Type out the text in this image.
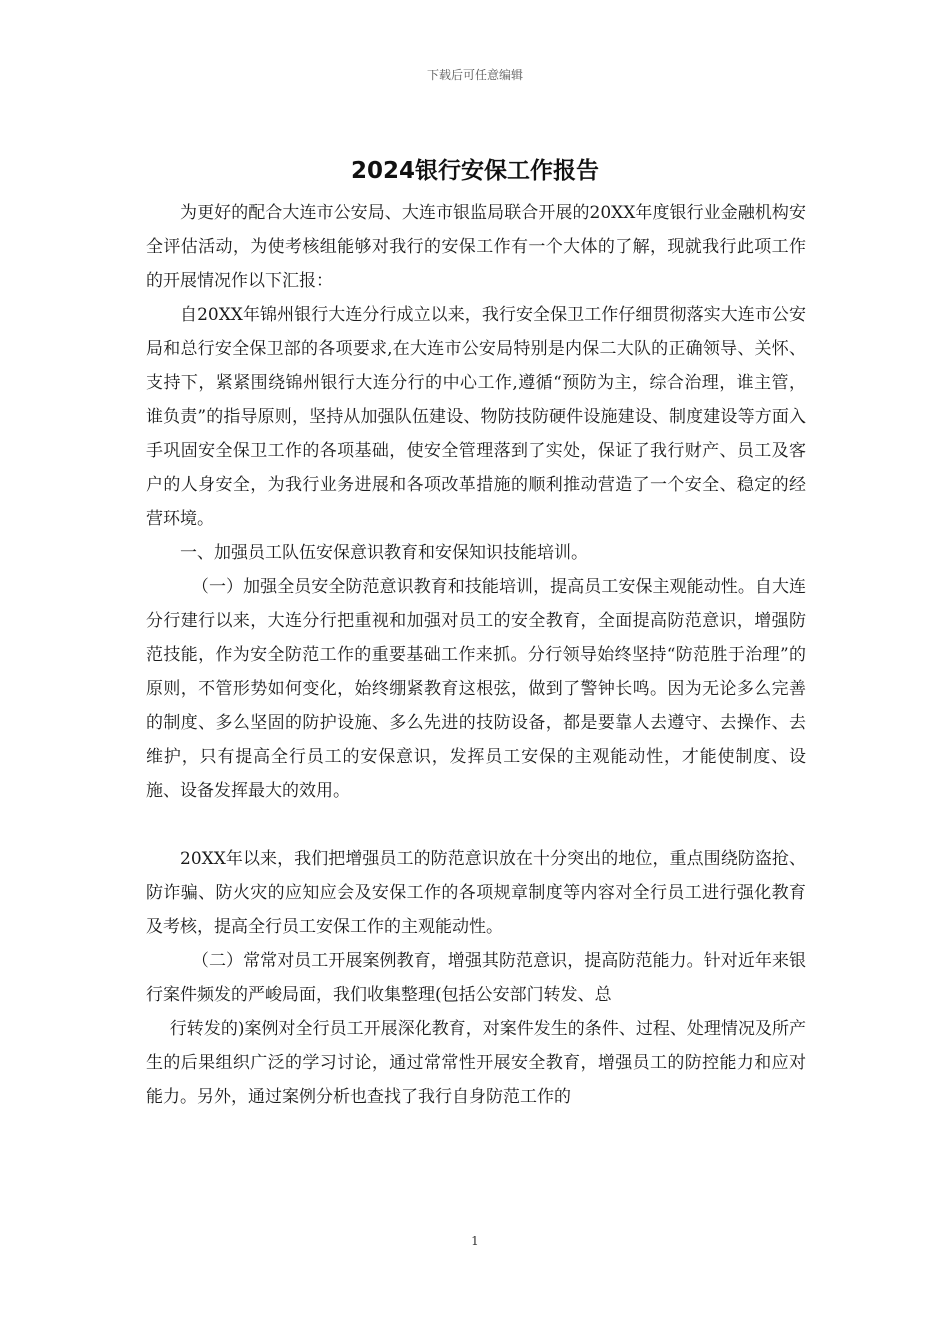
下载后可任意编辑
2024银行安保工作报告

为更好的配合大连市公安局、大连市银监局联合开展的20XX年度银行业金融机构安全评估活动，为使考核组能够对我行的安保工作有一个大体的了解，现就我行此项工作的开展情况作以下汇报：

自20XX年锦州银行大连分行成立以来，我行安全保卫工作仔细贯彻落实大连市公安局和总行安全保卫部的各项要求,在大连市公安局特别是内保二大队的正确领导、关怀、支持下，紧紧围绕锦州银行大连分行的中心工作,遵循“预防为主，综合治理，谁主管，谁负责”的指导原则，坚持从加强队伍建设、物防技防硬件设施建设、制度建设等方面入手巩固安全保卫工作的各项基础，使安全管理落到了实处，保证了我行财产、员工及客户的人身安全，为我行业务进展和各项改革措施的顺利推动营造了一个安全、稳定的经营环境。

一、加强员工队伍安保意识教育和安保知识技能培训。

（一）加强全员安全防范意识教育和技能培训，提高员工安保主观能动性。自大连分行建行以来，大连分行把重视和加强对员工的安全教育，全面提高防范意识，增强防范技能，作为安全防范工作的重要基础工作来抓。分行领导始终坚持“防范胜于治理”的原则，不管形势如何变化，始终绷紧教育这根弦，做到了警钟长鸣。因为无论多么完善的制度、多么坚固的防护设施、多么先进的技防设备，都是要靠人去遵守、去操作、去维护，只有提高全行员工的安保意识，发挥员工安保的主观能动性，才能使制度、设施、设备发挥最大的效用。

20XX年以来，我们把增强员工的防范意识放在十分突出的地位，重点围绕防盗抢、防诈骗、防火灾的应知应会及安保工作的各项规章制度等内容对全行员工进行强化教育及考核，提高全行员工安保工作的主观能动性。

（二）常常对员工开展案例教育，增强其防范意识，提高防范能力。针对近年来银行案件频发的严峻局面，我们收集整理(包括公安部门转发、总

行转发的)案例对全行员工开展深化教育，对案件发生的条件、过程、处理情况及所产生的后果组织广泛的学习讨论，通过常常性开展安全教育，增强员工的防控能力和应对能力。另外，通过案例分析也查找了我行自身防范工作的

1
